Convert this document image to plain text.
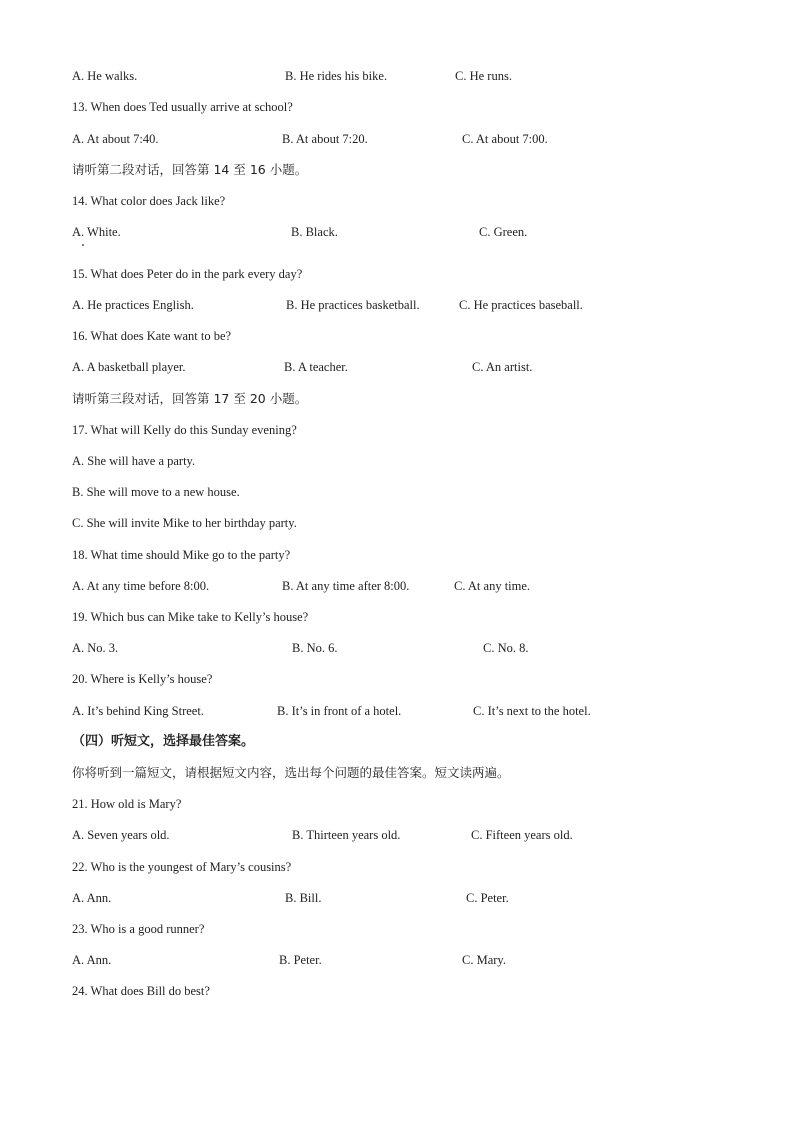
A. He walks.	B. He rides his bike.	C. He runs.
13. When does Ted usually arrive at school?
A. At about 7:40.	B. At about 7:20.	C. At about 7:00.
请听第二段对话，回答第 14 至 16 小题。
14. What color does Jack like?
A. White.	B. Black.	C. Green.
15. What does Peter do in the park every day?
A. He practices English.	B. He practices basketball.	C. He practices baseball.
16. What does Kate want to be?
A. A basketball player.	B. A teacher.	C. An artist.
请听第三段对话，回答第 17 至 20 小题。
17. What will Kelly do this Sunday evening?
A. She will have a party.
B. She will move to a new house.
C. She will invite Mike to her birthday party.
18. What time should Mike go to the party?
A. At any time before 8:00.	B. At any time after 8:00.	C. At any time.
19. Which bus can Mike take to Kelly’s house?
A. No. 3.	B. No. 6.	C. No. 8.
20. Where is Kelly’s house?
A. It’s behind King Street.	B. It’s in front of a hotel.	C. It’s next to the hotel.
（四）听短文，选择最佳答案。
你将听到一篇短文，请根据短文内容，选出每个问题的最佳答案。短文读两遍。
21. How old is Mary?
A. Seven years old.	B. Thirteen years old.	C. Fifteen years old.
22. Who is the youngest of Mary’s cousins?
A. Ann.	B. Bill.	C. Peter.
23. Who is a good runner?
A. Ann.	B. Peter.	C. Mary.
24. What does Bill do best?
